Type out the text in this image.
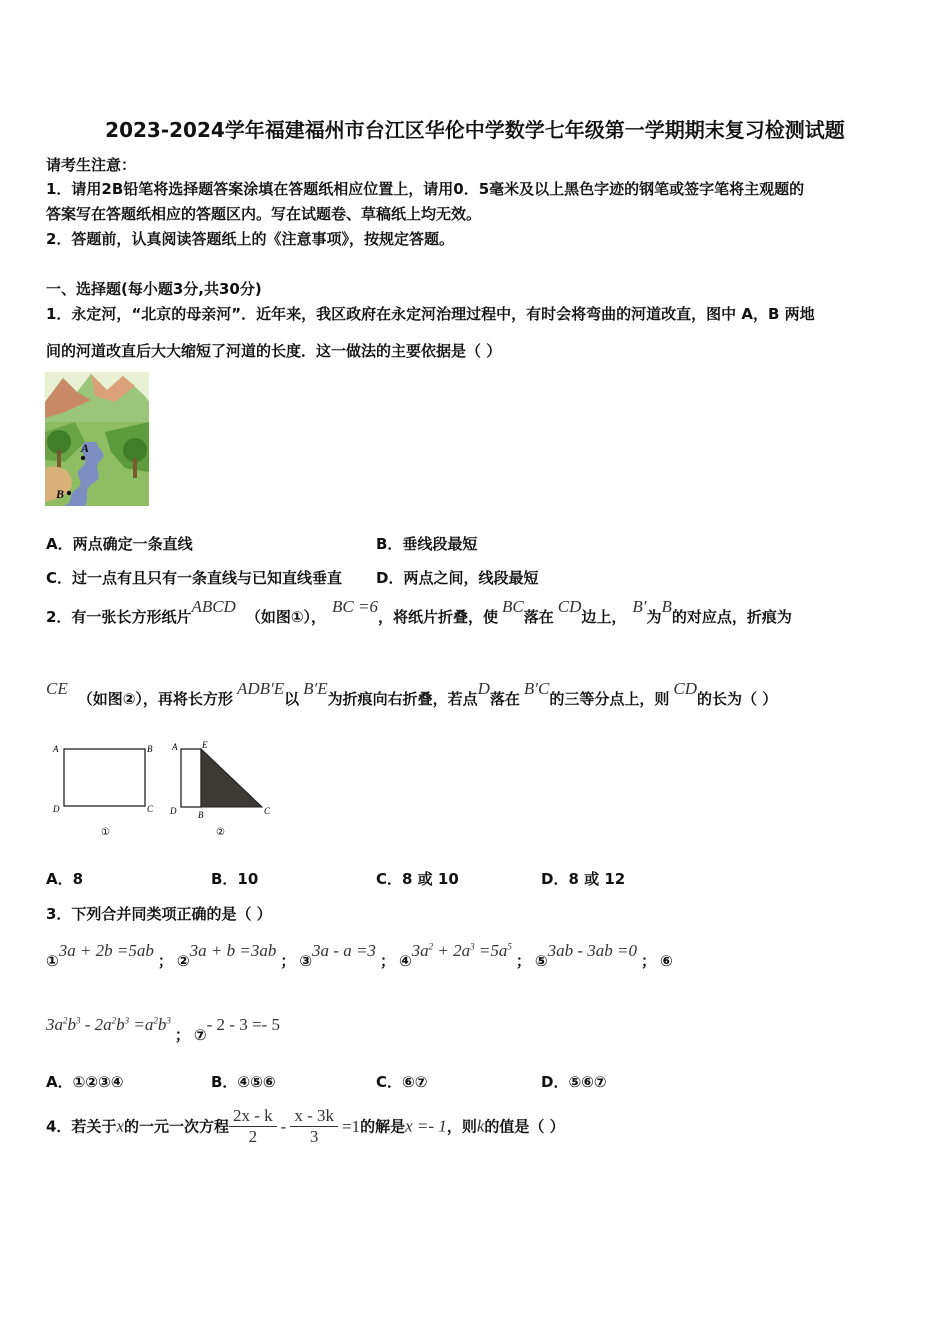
2023-2024学年福建福州市台江区华伦中学数学七年级第一学期期末复习检测试题
请考生注意：
1．请用2B铅笔将选择题答案涂填在答题纸相应位置上，请用0．5毫米及以上黑色字迹的钢笔或签字笔将主观题的
答案写在答题纸相应的答题区内。写在试题卷、草稿纸上均无效。
2．答题前，认真阅读答题纸上的《注意事项》，按规定答题。
一、选择题(每小题3分,共30分)
1．永定河，“北京的母亲河”．近年来，我区政府在永定河治理过程中，有时会将弯曲的河道改直，图中 A，B 两地
间的河道改直后大大缩短了河道的长度．这一做法的主要依据是（ ）
A
B
A．两点确定一条直线	B．垂线段最短
C．过一点有且只有一条直线与已知直线垂直 D．两点之间，线段最短
2．有一张长方形纸片ABCD（如图①），BC =6，将纸片折叠，使BC落在CD边上，B′为B的对应点，折痕为
CE（如图②），再将长方形ADB′E以B′E为折痕向右折叠，若点D落在B′C的三等分点上，则CD的长为（ ）
A	B
D	C
①
A	E
D B	C
②
A．8	B．10	C．8 或 10	D．8 或 12
3．下列合并同类项正确的是（ ）
①3a + 2b =5ab； ②3a + b =3ab； ③3a - a =3； $④3a^2 + 2a^3 =5a^5$； ⑤3ab - 3ab =0； ⑥
$3a^2b^3 - 2a^2b^3 =a^2b^3$； ⑦- 2 - 3 =- 5
A．①②③④	B．④⑤⑥	C．⑥⑦	D．⑤⑥⑦
4．若关于x的一元一次方程 $\frac{2x - k}{2} - \frac{x - 3k}{3} =1$的解是x =- 1，则k的值是（ ）
